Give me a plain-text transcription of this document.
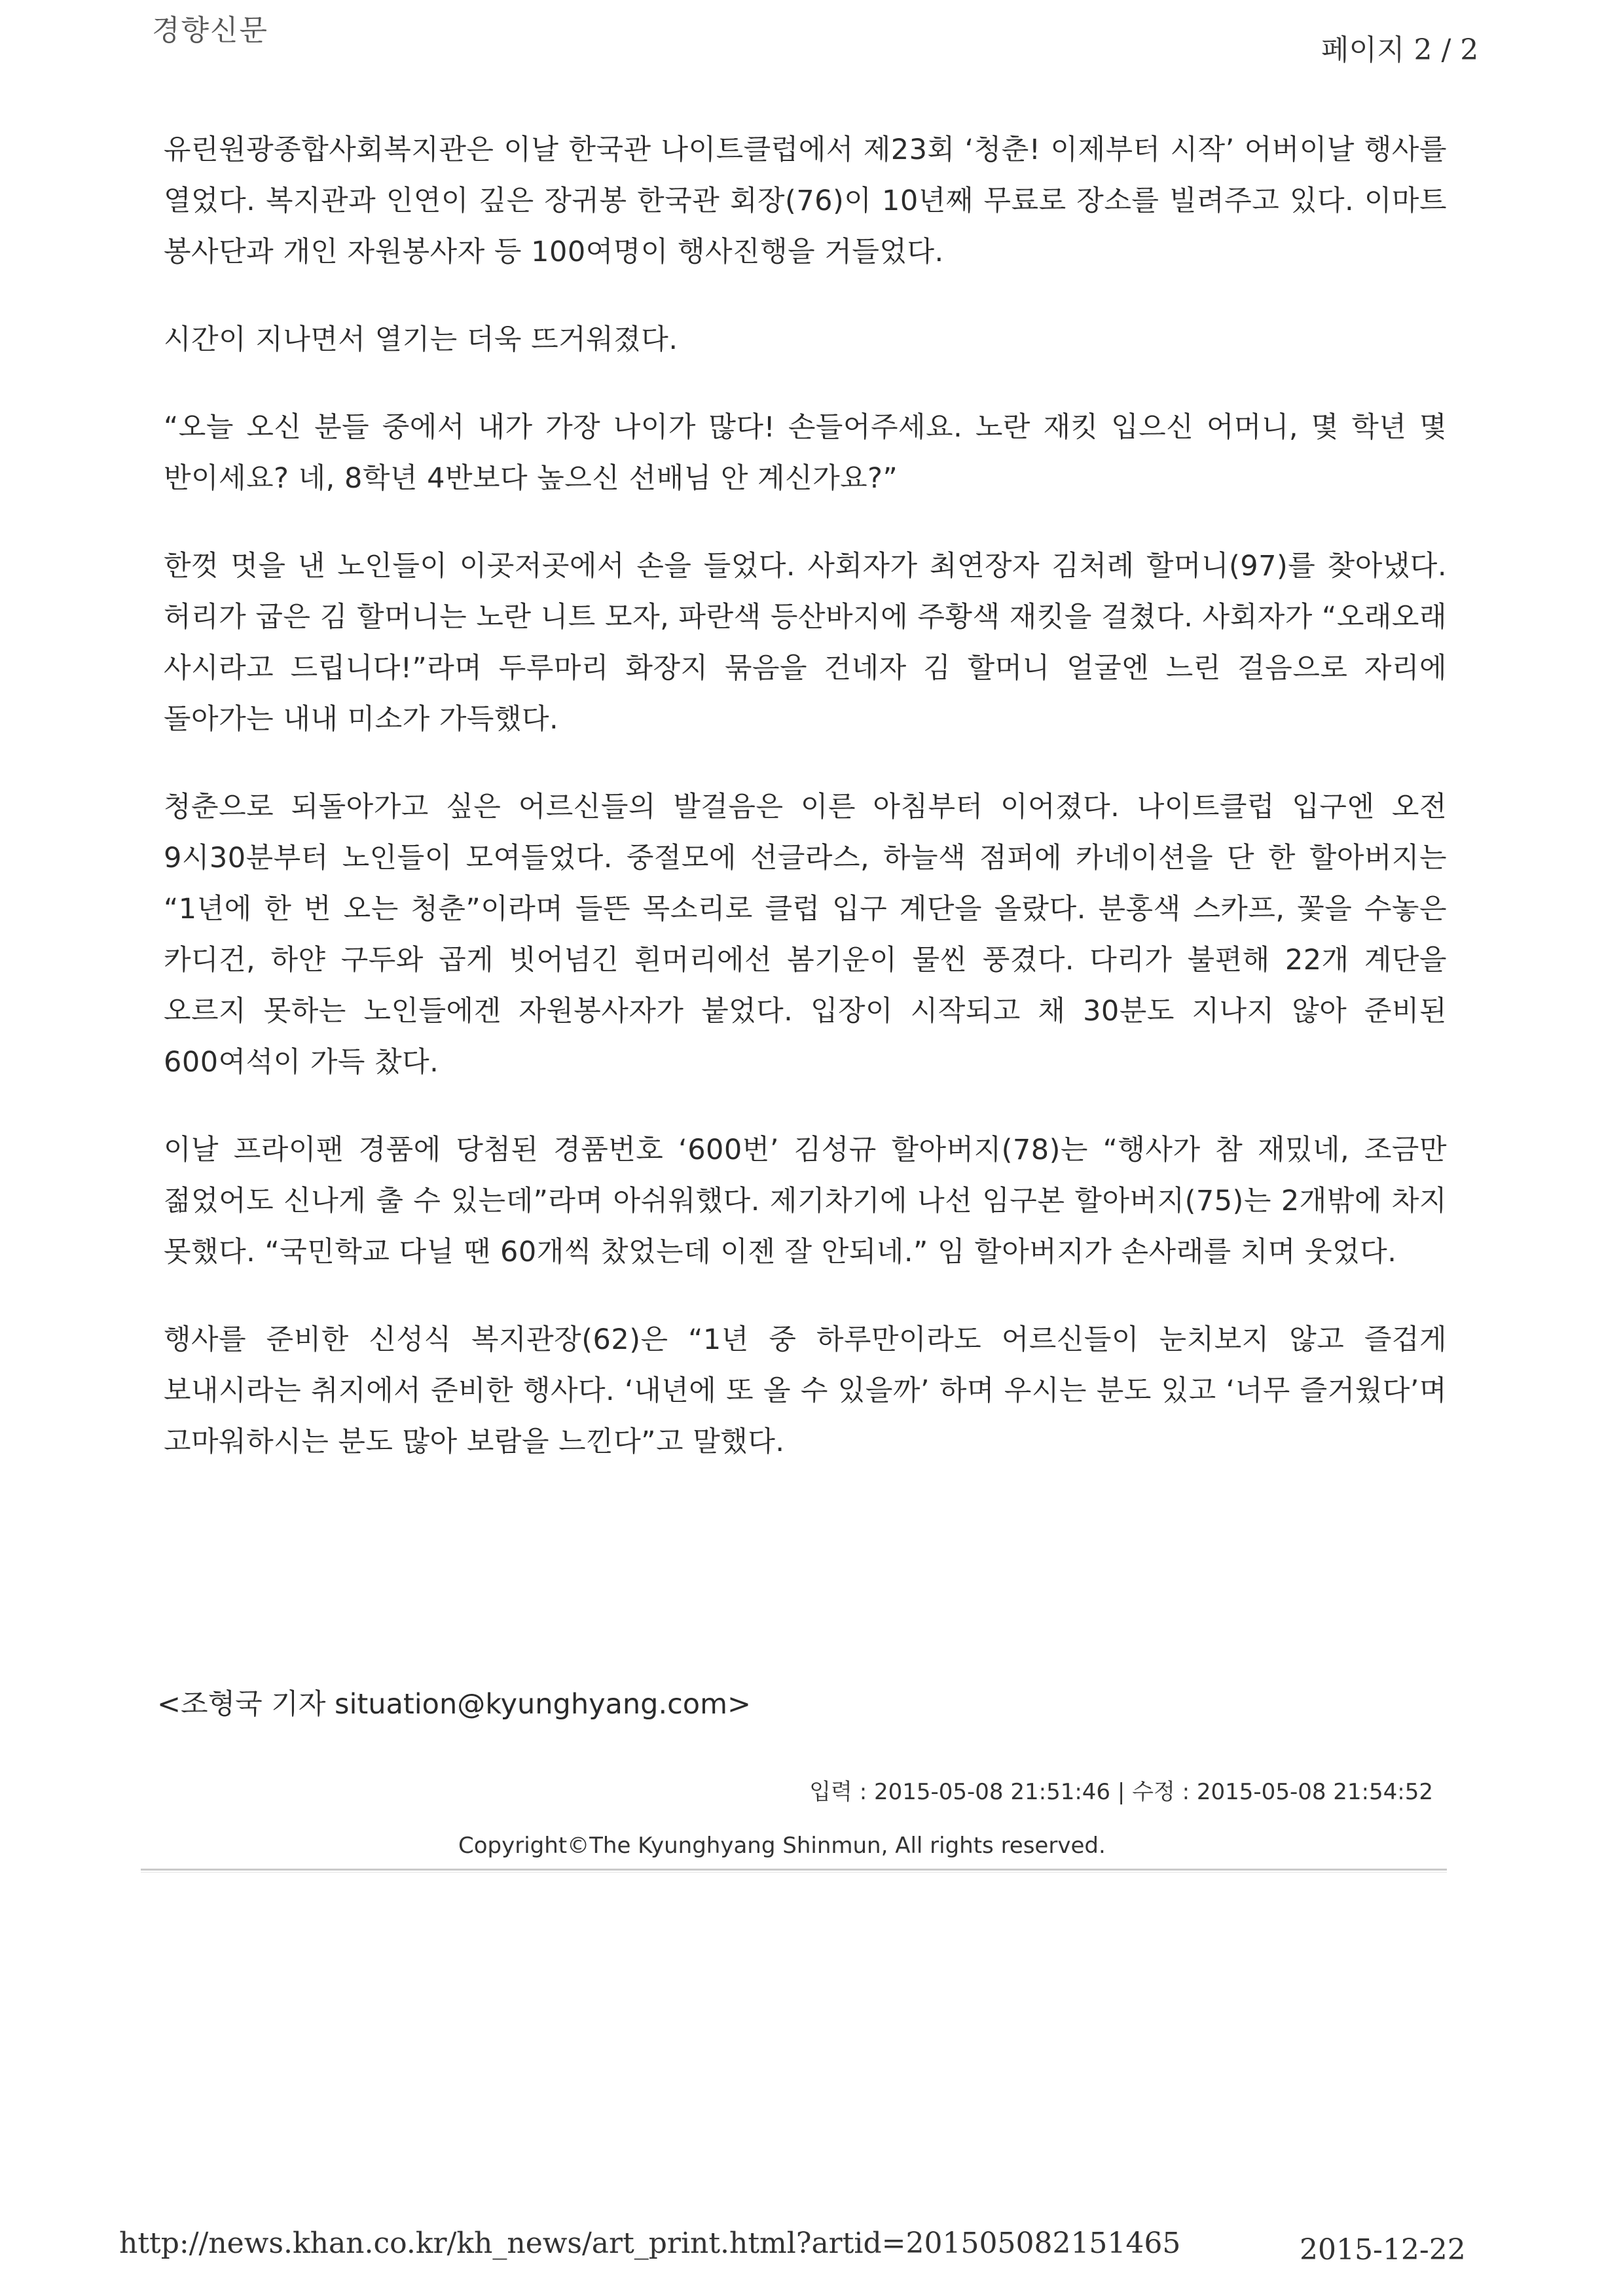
경향신문
페이지 2 / 2

유린원광종합사회복지관은 이날 한국관 나이트클럽에서 제23회 ‘청춘! 이제부터 시작’ 어버이날 행사를 열었다. 복지관과 인연이 깊은 장귀봉 한국관 회장(76)이 10년째 무료로 장소를 빌려주고 있다. 이마트 봉사단과 개인 자원봉사자 등 100여명이 행사진행을 거들었다.

시간이 지나면서 열기는 더욱 뜨거워졌다.

“오늘 오신 분들 중에서 내가 가장 나이가 많다! 손들어주세요. 노란 재킷 입으신 어머니, 몇 학년 몇 반이세요? 네, 8학년 4반보다 높으신 선배님 안 계신가요?”

한껏 멋을 낸 노인들이 이곳저곳에서 손을 들었다. 사회자가 최연장자 김처례 할머니(97)를 찾아냈다. 허리가 굽은 김 할머니는 노란 니트 모자, 파란색 등산바지에 주황색 재킷을 걸쳤다. 사회자가 “오래오래 사시라고 드립니다!”라며 두루마리 화장지 묶음을 건네자 김 할머니 얼굴엔 느린 걸음으로 자리에 돌아가는 내내 미소가 가득했다.

청춘으로 되돌아가고 싶은 어르신들의 발걸음은 이른 아침부터 이어졌다. 나이트클럽 입구엔 오전 9시30분부터 노인들이 모여들었다. 중절모에 선글라스, 하늘색 점퍼에 카네이션을 단 한 할아버지는 “1년에 한 번 오는 청춘”이라며 들뜬 목소리로 클럽 입구 계단을 올랐다. 분홍색 스카프, 꽃을 수놓은 카디건, 하얀 구두와 곱게 빗어넘긴 흰머리에선 봄기운이 물씬 풍겼다. 다리가 불편해 22개 계단을 오르지 못하는 노인들에겐 자원봉사자가 붙었다. 입장이 시작되고 채 30분도 지나지 않아 준비된 600여석이 가득 찼다.

이날 프라이팬 경품에 당첨된 경품번호 ‘600번’ 김성규 할아버지(78)는 “행사가 참 재밌네, 조금만 젊었어도 신나게 출 수 있는데”라며 아쉬워했다. 제기차기에 나선 임구본 할아버지(75)는 2개밖에 차지 못했다. “국민학교 다닐 땐 60개씩 찼었는데 이젠 잘 안되네.” 임 할아버지가 손사래를 치며 웃었다.

행사를 준비한 신성식 복지관장(62)은 “1년 중 하루만이라도 어르신들이 눈치보지 않고 즐겁게 보내시라는 취지에서 준비한 행사다. ‘내년에 또 올 수 있을까’ 하며 우시는 분도 있고 ‘너무 즐거웠다’며 고마워하시는 분도 많아 보람을 느낀다”고 말했다.

<조형국 기자 situation@kyunghyang.com>
입력 : 2015-05-08 21:51:46 | 수정 : 2015-05-08 21:54:52
Copyright©The Kyunghyang Shinmun, All rights reserved.
http://news.khan.co.kr/kh_news/art_print.html?artid=201505082151465	2015-12-22
